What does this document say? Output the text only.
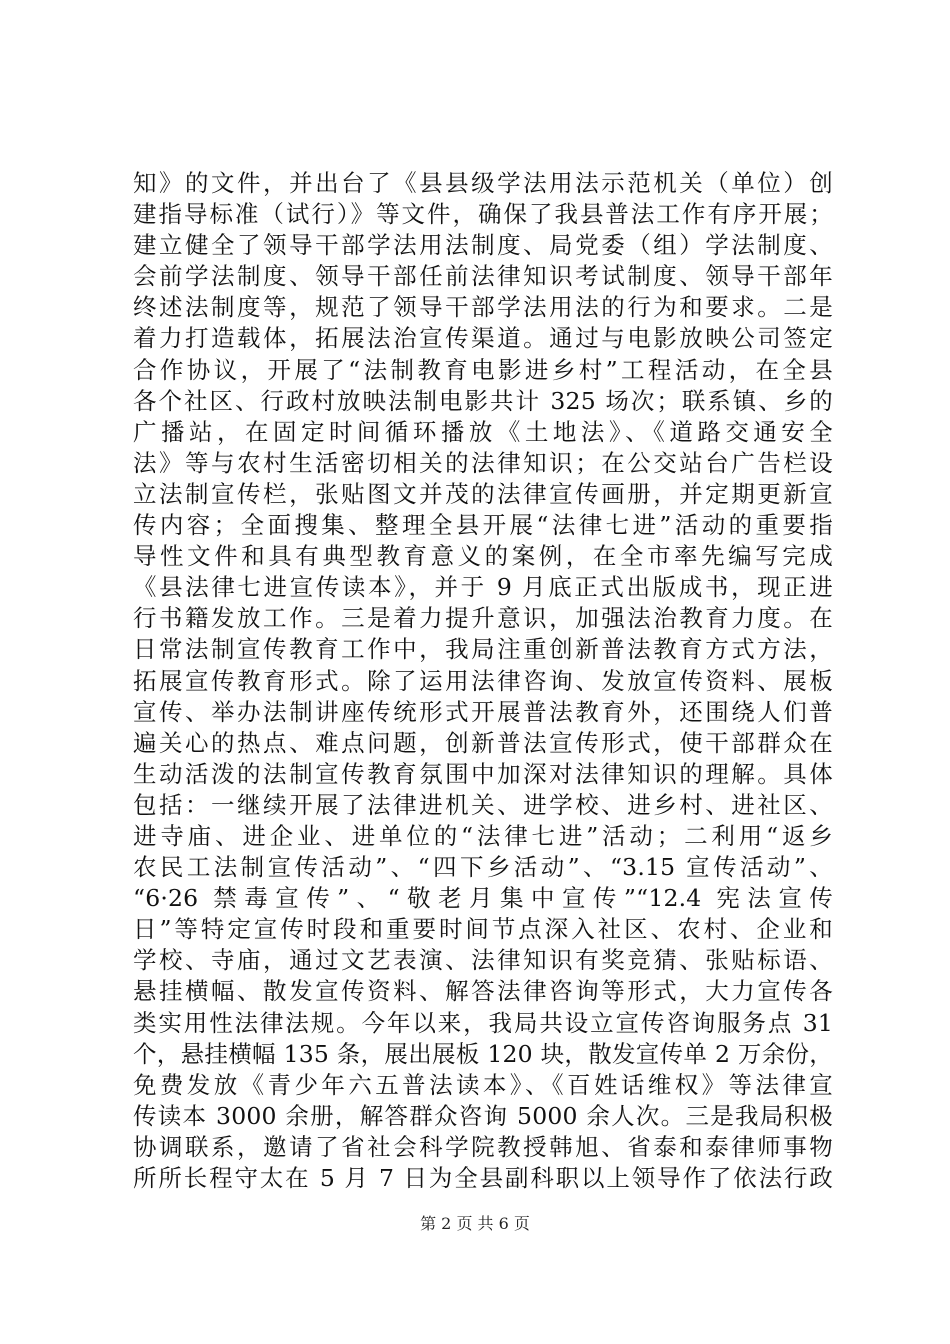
知》的文件，并出台了《县县级学法用法示范机关（单位）创
建指导标准（试行）》等文件，确保了我县普法工作有序开展；
建立健全了领导干部学法用法制度、局党委（组）学法制度、
会前学法制度、领导干部任前法律知识考试制度、领导干部年
终述法制度等，规范了领导干部学法用法的行为和要求。二是
着力打造载体，拓展法治宣传渠道。通过与电影放映公司签定
合作协议，开展了“法制教育电影进乡村”工程活动，在全县
各个社区、行政村放映法制电影共计 325 场次；联系镇、乡的
广播站，在固定时间循环播放《土地法》、《道路交通安全
法》等与农村生活密切相关的法律知识；在公交站台广告栏设
立法制宣传栏，张贴图文并茂的法律宣传画册，并定期更新宣
传内容；全面搜集、整理全县开展“法律七进”活动的重要指
导性文件和具有典型教育意义的案例，在全市率先编写完成
《县法律七进宣传读本》，并于 9 月底正式出版成书，现正进
行书籍发放工作。三是着力提升意识，加强法治教育力度。在
日常法制宣传教育工作中，我局注重创新普法教育方式方法，
拓展宣传教育形式。除了运用法律咨询、发放宣传资料、展板
宣传、举办法制讲座传统形式开展普法教育外，还围绕人们普
遍关心的热点、难点问题，创新普法宣传形式，使干部群众在
生动活泼的法制宣传教育氛围中加深对法律知识的理解。具体
包括：一继续开展了法律进机关、进学校、进乡村、进社区、
进寺庙、进企业、进单位的“法律七进”活动；二利用“返乡
农民工法制宣传活动”、“四下乡活动”、“3.15 宣传活动”、
“6·26 禁毒宣传”、“敬老月集中宣传”“12.4 宪法宣传
日”等特定宣传时段和重要时间节点深入社区、农村、企业和
学校、寺庙，通过文艺表演、法律知识有奖竞猜、张贴标语、
悬挂横幅、散发宣传资料、解答法律咨询等形式，大力宣传各
类实用性法律法规。今年以来，我局共设立宣传咨询服务点 31
个，悬挂横幅 135 条，展出展板 120 块，散发宣传单 2 万余份，
免费发放《青少年六五普法读本》、《百姓话维权》等法律宣
传读本 3000 余册，解答群众咨询 5000 余人次。三是我局积极
协调联系，邀请了省社会科学院教授韩旭、省泰和泰律师事物
所所长程守太在 5 月 7 日为全县副科职以上领导作了依法行政
第 2 页 共 6 页
